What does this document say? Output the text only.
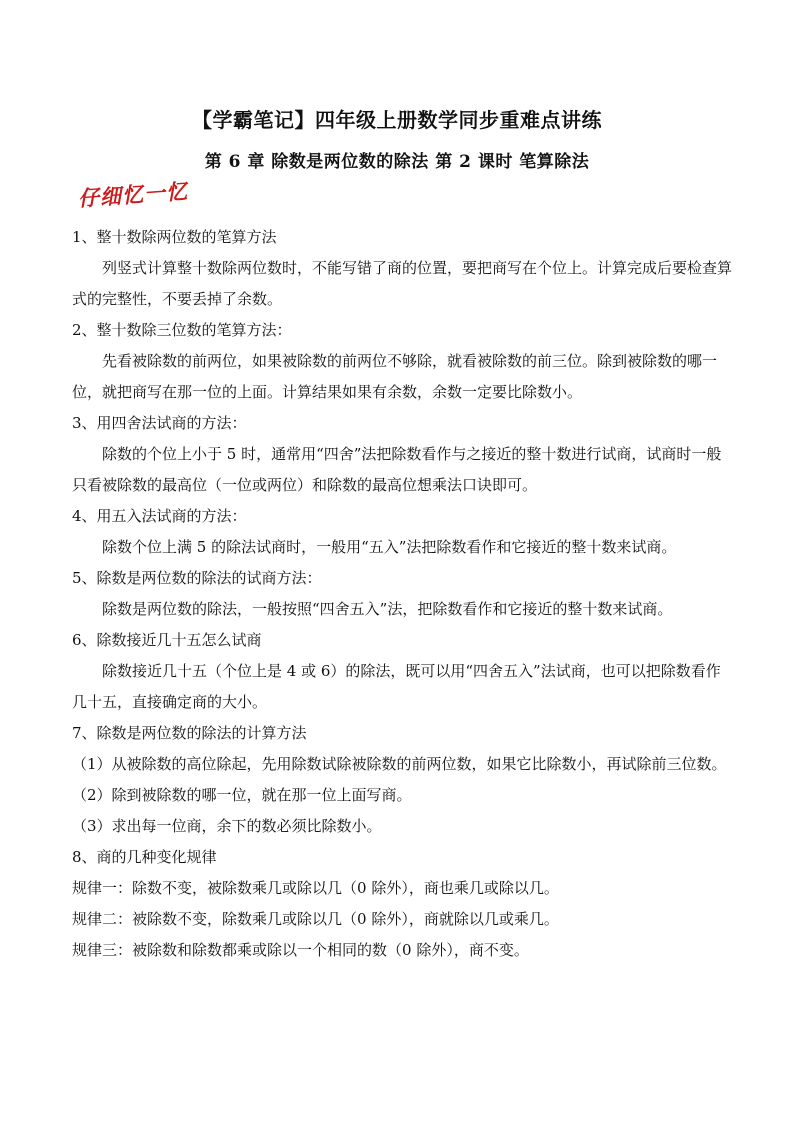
【学霸笔记】四年级上册数学同步重难点讲练
第 6 章 除数是两位数的除法 第 2 课时 笔算除法
仔细忆一忆

1、整十数除两位数的笔算方法

列竖式计算整十数除两位数时，不能写错了商的位置，要把商写在个位上。计算完成后要检查算式的完整性，不要丢掉了余数。

2、整十数除三位数的笔算方法：

先看被除数的前两位，如果被除数的前两位不够除，就看被除数的前三位。除到被除数的哪一位，就把商写在那一位的上面。计算结果如果有余数，余数一定要比除数小。

3、用四舍法试商的方法：

除数的个位上小于 5 时，通常用“四舍”法把除数看作与之接近的整十数进行试商，试商时一般只看被除数的最高位（一位或两位）和除数的最高位想乘法口诀即可。

4、用五入法试商的方法：

除数个位上满 5 的除法试商时，一般用“五入”法把除数看作和它接近的整十数来试商。

5、除数是两位数的除法的试商方法：

除数是两位数的除法，一般按照“四舍五入”法，把除数看作和它接近的整十数来试商。

6、除数接近几十五怎么试商

除数接近几十五（个位上是 4 或 6）的除法，既可以用“四舍五入”法试商，也可以把除数看作几十五，直接确定商的大小。

7、除数是两位数的除法的计算方法

（1）从被除数的高位除起，先用除数试除被除数的前两位数，如果它比除数小，再试除前三位数。

（2）除到被除数的哪一位，就在那一位上面写商。

（3）求出每一位商，余下的数必须比除数小。

8、商的几种变化规律

规律一：除数不变，被除数乘几或除以几（0 除外），商也乘几或除以几。

规律二：被除数不变，除数乘几或除以几（0 除外），商就除以几或乘几。

规律三：被除数和除数都乘或除以一个相同的数（0 除外），商不变。
